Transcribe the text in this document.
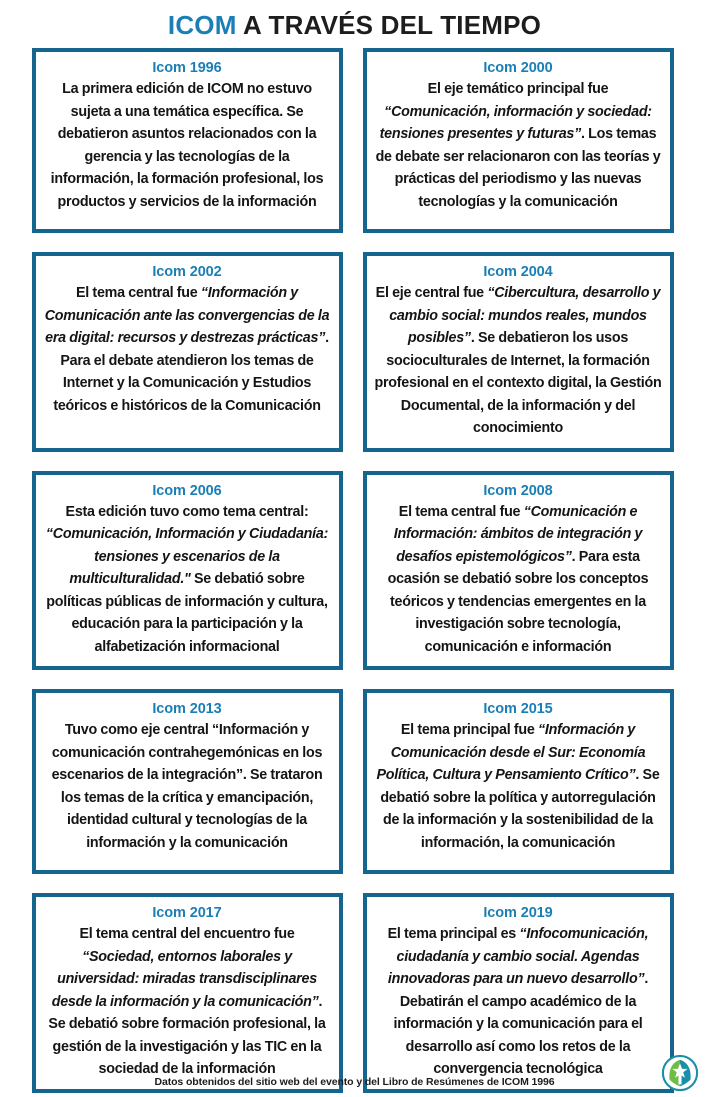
ICOM A TRAVÉS DEL TIEMPO
Icom 1996
La primera edición de ICOM no estuvo sujeta a una temática específica. Se debatieron asuntos relacionados con la gerencia y las tecnologías de la información, la formación profesional, los productos y servicios de la información
Icom 2000
El eje temático principal fue “Comunicación, información y sociedad: tensiones presentes y futuras”. Los temas de debate ser relacionaron con las teorías y prácticas del periodismo y las nuevas tecnologías y la comunicación
Icom 2002
El tema central fue “Información y Comunicación ante las convergencias de la era digital: recursos y destrezas prácticas”. Para el debate atendieron los temas de Internet y la Comunicación y Estudios teóricos e históricos de la Comunicación
Icom 2004
El eje central fue “Cibercultura, desarrollo y cambio social: mundos reales, mundos posibles”. Se debatieron los usos socioculturales de Internet, la formación profesional en el contexto digital, la Gestión Documental, de la información y del conocimiento
Icom 2006
Esta edición tuvo como tema central: “Comunicación, Información y Ciudadanía: tensiones y escenarios de la multiculturalidad." Se debatió sobre políticas públicas de información y cultura, educación para la participación y la alfabetización informacional
Icom 2008
El tema central fue “Comunicación e Información: ámbitos de integración y desafíos epistemológicos”. Para esta ocasión se debatió sobre los conceptos teóricos y tendencias emergentes en la investigación sobre tecnología, comunicación e información
Icom 2013
Tuvo como eje central “Información y comunicación contrahegemónicas en los escenarios de la integración”. Se trataron los temas de la crítica y emancipación, identidad cultural y tecnologías de la información y la comunicación
Icom 2015
El tema principal fue “Información y Comunicación desde el Sur: Economía Política, Cultura y Pensamiento Crítico”. Se debatió sobre la política y autorregulación de la información y la sostenibilidad de la información, la comunicación
Icom 2017
El tema central del encuentro fue “Sociedad, entornos laborales y universidad: miradas transdisciplinares desde la información y la comunicación”. Se debatió sobre formación profesional, la gestión de la investigación y las TIC en la sociedad de la información
Icom 2019
El tema principal es “Infocomunicación, ciudadanía y cambio social. Agendas innovadoras para un nuevo desarrollo”. Debatirán el campo académico de la información y la comunicación para el desarrollo así como los retos de la convergencia tecnológica
Datos obtenidos del sitio web del evento y del Libro de Resúmenes de ICOM 1996
